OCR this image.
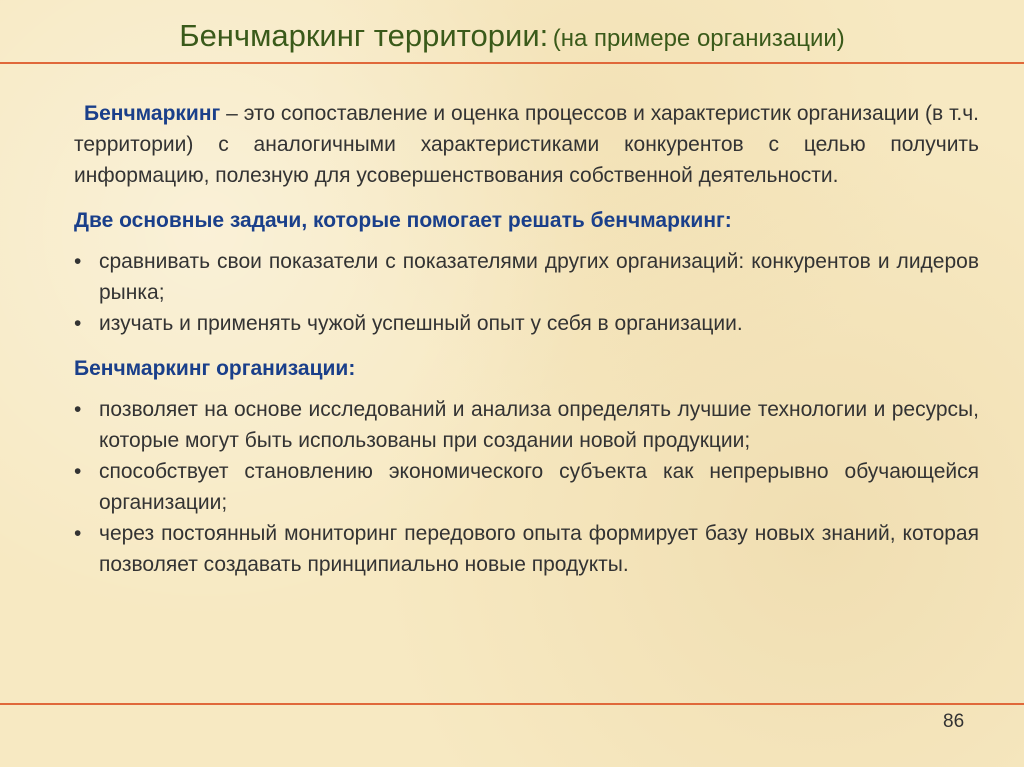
Бенчмаркинг территории: (на примере организации)

Бенчмаркинг – это сопоставление и оценка процессов и характеристик организации (в т.ч. территории) с аналогичными характеристиками конкурентов с целью получить информацию, полезную для усовершенствования собственной деятельности.

Две основные задачи, которые помогает решать бенчмаркинг:
• сравнивать свои показатели с показателями других организаций: конкурентов и лидеров рынка;
• изучать и применять чужой успешный опыт у себя в организации.
Бенчмаркинг организации:
• позволяет на основе исследований и анализа определять лучшие технологии и ресурсы, которые могут быть использованы при создании новой продукции;
• способствует становлению экономического субъекта как непрерывно обучающейся организации;
• через постоянный мониторинг передового опыта формирует базу новых знаний, которая позволяет создавать принципиально новые продукты.
86
